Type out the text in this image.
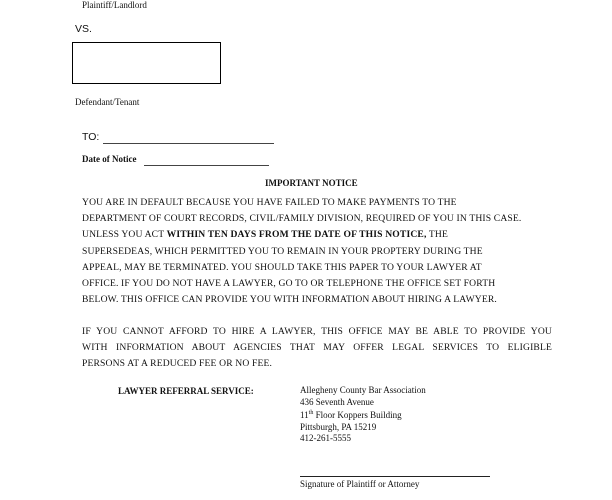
Plaintiff/Landlord
VS.
Defendant/Tenant
TO:
Date of Notice
IMPORTANT NOTICE
YOU ARE IN DEFAULT BECAUSE YOU HAVE FAILED TO MAKE PAYMENTS TO THE
DEPARTMENT OF COURT RECORDS, CIVIL/FAMILY DIVISION, REQUIRED OF YOU IN THIS CASE.
UNLESS YOU ACT WITHIN TEN DAYS FROM THE DATE OF THIS NOTICE, THE
SUPERSEDEAS, WHICH PERMITTED YOU TO REMAIN IN YOUR PROPTERY DURING THE
APPEAL, MAY BE TERMINATED. YOU SHOULD TAKE THIS PAPER TO YOUR LAWYER AT
OFFICE. IF YOU DO NOT HAVE A LAWYER, GO TO OR TELEPHONE THE OFFICE SET FORTH
BELOW. THIS OFFICE CAN PROVIDE YOU WITH INFORMATION ABOUT HIRING A LAWYER.
IF YOU CANNOT AFFORD TO HIRE A LAWYER, THIS OFFICE MAY BE ABLE TO PROVIDE YOU
WITH INFORMATION ABOUT AGENCIES THAT MAY OFFER LEGAL SERVICES TO ELIGIBLE
PERSONS AT A REDUCED FEE OR NO FEE.
LAWYER REFERRAL SERVICE:	Allegheny County Bar Association
436 Seventh Avenue
11th Floor Koppers Building
Pittsburgh, PA 15219
412-261-5555
Signature of Plaintiff or Attorney
